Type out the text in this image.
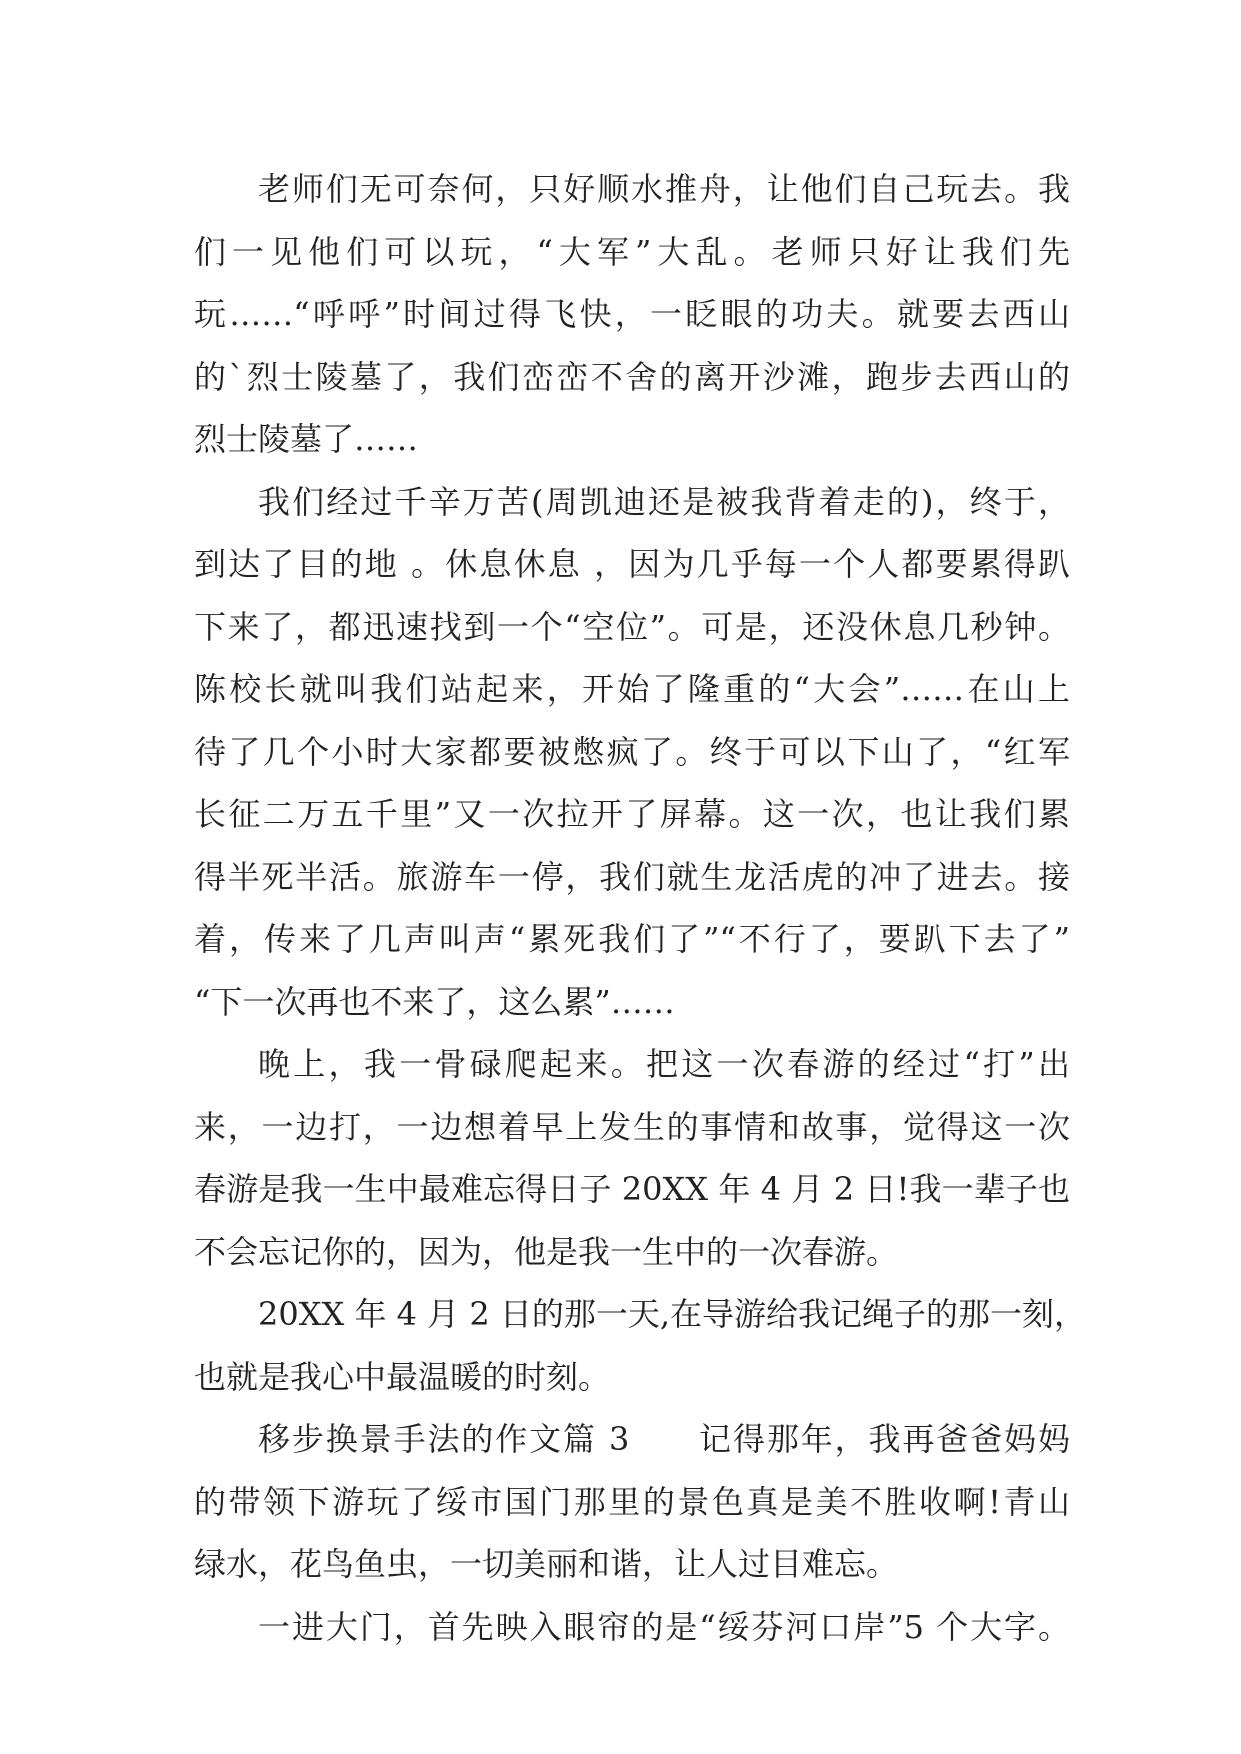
老师们无可奈何，只好顺水推舟，让他们自己玩去。我
们一见他们可以玩，“大军”大乱。老师只好让我们先
玩……“呼呼”时间过得飞快，一眨眼的功夫。就要去西山
的`烈士陵墓了，我们峦峦不舍的离开沙滩，跑步去西山的
烈士陵墓了……
我们经过千辛万苦(周凯迪还是被我背着走的)，终于，
到达了目的地 。休息休息 ，因为几乎每一个人都要累得趴
下来了，都迅速找到一个“空位”。可是，还没休息几秒钟。
陈校长就叫我们站起来，开始了隆重的“大会”……在山上
待了几个小时大家都要被憋疯了。终于可以下山了，“红军
长征二万五千里”又一次拉开了屏幕。这一次，也让我们累
得半死半活。旅游车一停，我们就生龙活虎的冲了进去。接
着，传来了几声叫声“累死我们了”“不行了，要趴下去了”
“下一次再也不来了，这么累”……
晚上，我一骨碌爬起来。把这一次春游的经过“打”出
来，一边打，一边想着早上发生的事情和故事，觉得这一次
春游是我一生中最难忘得日子 20XX 年 4 月 2 日!我一辈子也
不会忘记你的，因为，他是我一生中的一次春游。
20XX 年 4 月 2 日的那一天,在导游给我记绳子的那一刻，
也就是我心中最温暖的时刻。
移步换景手法的作文篇 3　　记得那年，我再爸爸妈妈
的带领下游玩了绥市国门那里的景色真是美不胜收啊!青山
绿水，花鸟鱼虫，一切美丽和谐，让人过目难忘。
一进大门，首先映入眼帘的是“绥芬河口岸”5 个大字。
